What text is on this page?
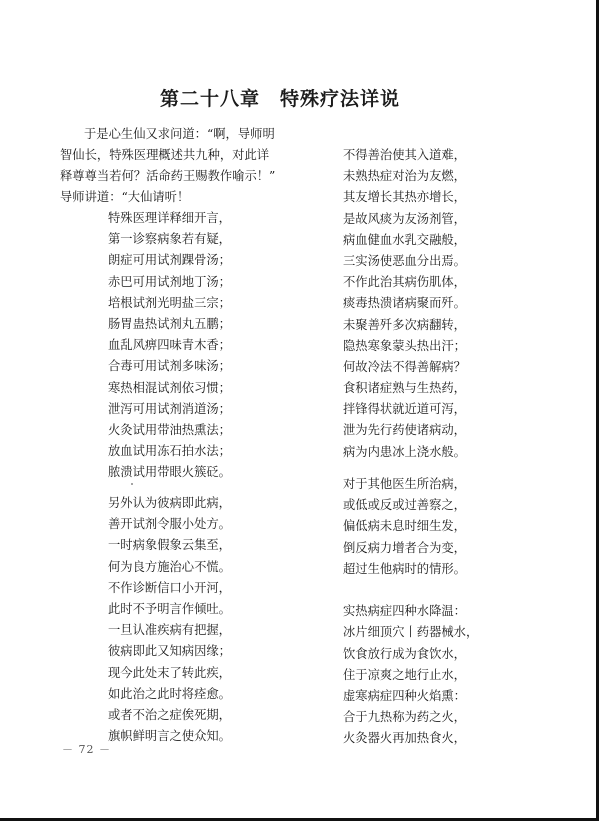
第二十八章　特殊疗法详说
于是心生仙又求问道：“啊，导师明
智仙长，特殊医理概述共九种，对此详
释尊尊当若何？活命药王赐教作喻示！”
导师讲道：“大仙请听！
特殊医理详释细开言，
第一诊察病象若有疑，
朗症可用试剂踝骨汤；
赤巴可用试剂地丁汤；
培根试剂光明盐三宗；
肠胃蛊热试剂丸五鹏；
血乱风痹四味青木香；
合毒可用试剂多味汤；
寒热相混试剂依习惯；
泄泻可用试剂消道汤；
火灸试用带油热熏法；
放血试用冻石拍水法；
脓溃试用带眼火簇砭。
另外认为彼病即此病，
善开试剂令服小处方。
一时病象假象云集至，
何为良方施治心不慌。
不作诊断信口小开河，
此时不予明言作倾吐。
一旦认准疾病有把握，
彼病即此又知病因缘；
现今此处末了转此疾，
如此治之此时将痊愈。
或者不治之症俟死期，
旗帜鲜明言之使众知。
不得善治使其入道难，
未熟热症对治为友燃，
其友增长其热亦增长，
是故风痰为友汤剂管，
病血健血水乳交融般，
三实汤使恶血分出焉。
不作此治其病伤肌体，
痰毒热溃诸病聚而歼。
未聚善歼多次病翻转，
隐热寒象蒙头热出汗；
何故冷法不得善解病？
食积诸症熟与生热药，
拌锋得状就近道可泻，
泄为先行药使诸病动，
病为内患冰上浇水般。
对于其他医生所治病，
或低或反或过善察之，
偏低病未息时细生发，
倒反病力增者合为变，
超过生他病时的情形。
实热病症四种水降温：
冰片细顶穴⼁药器械水，
饮食放行成为食饮水，
住于凉爽之地行止水，
虚寒病症四种火焰熏：
合于九热称为药之火，
火灸器火再加热食火，
－ 72 －
